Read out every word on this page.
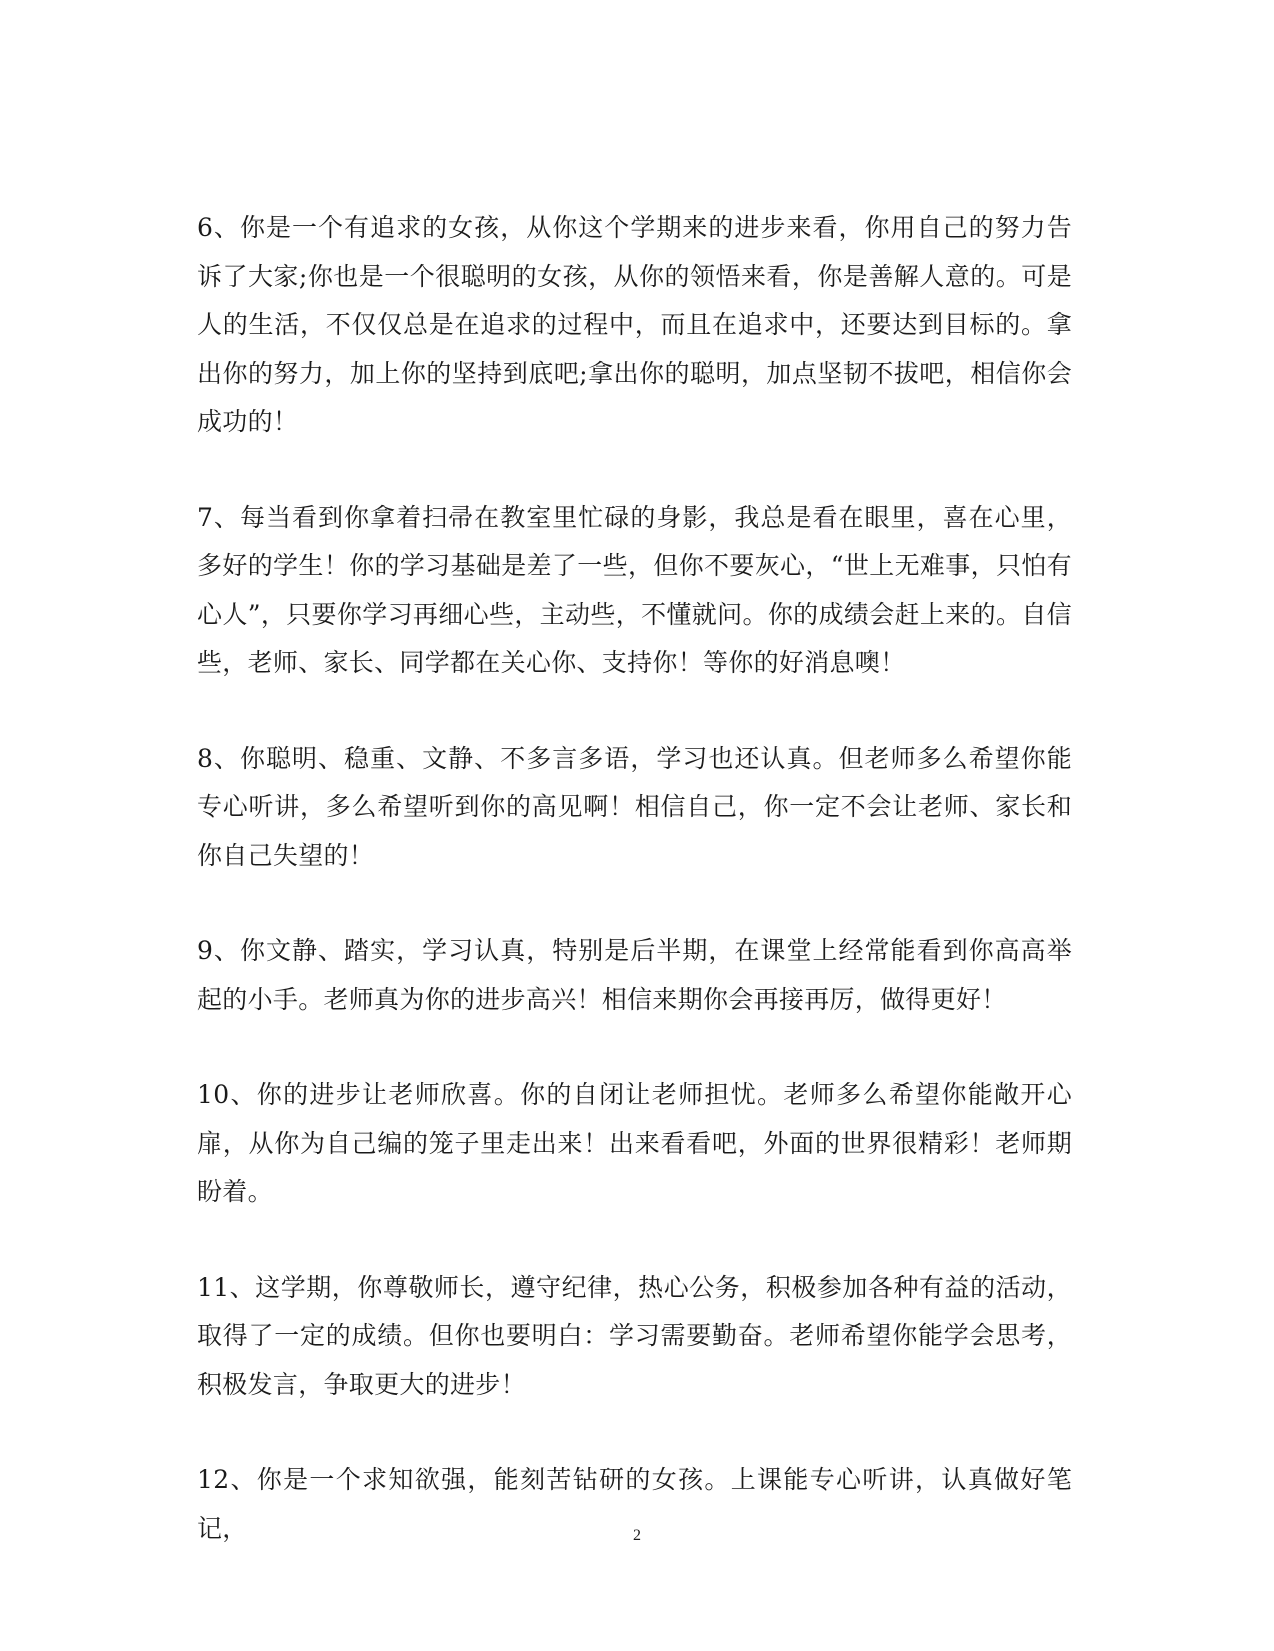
6、你是一个有追求的女孩，从你这个学期来的进步来看，你用自己的努力告诉了大家;你也是一个很聪明的女孩，从你的领悟来看，你是善解人意的。可是人的生活，不仅仅总是在追求的过程中，而且在追求中，还要达到目标的。拿出你的努力，加上你的坚持到底吧;拿出你的聪明，加点坚韧不拔吧，相信你会成功的！

7、每当看到你拿着扫帚在教室里忙碌的身影，我总是看在眼里，喜在心里，多好的学生！你的学习基础是差了一些，但你不要灰心，“世上无难事，只怕有心人”，只要你学习再细心些，主动些，不懂就问。你的成绩会赶上来的。自信些，老师、家长、同学都在关心你、支持你！等你的好消息噢！

8、你聪明、稳重、文静、不多言多语，学习也还认真。但老师多么希望你能专心听讲，多么希望听到你的高见啊！相信自己，你一定不会让老师、家长和你自己失望的！

9、你文静、踏实，学习认真，特别是后半期，在课堂上经常能看到你高高举起的小手。老师真为你的进步高兴！相信来期你会再接再厉，做得更好！

10、你的进步让老师欣喜。你的自闭让老师担忧。老师多么希望你能敞开心扉，从你为自己编的笼子里走出来！出来看看吧，外面的世界很精彩！老师期盼着。

11、这学期，你尊敬师长，遵守纪律，热心公务，积极参加各种有益的活动，取得了一定的成绩。但你也要明白：学习需要勤奋。老师希望你能学会思考，积极发言，争取更大的进步！

12、你是一个求知欲强，能刻苦钻研的女孩。上课能专心听讲，认真做好笔记，	2
